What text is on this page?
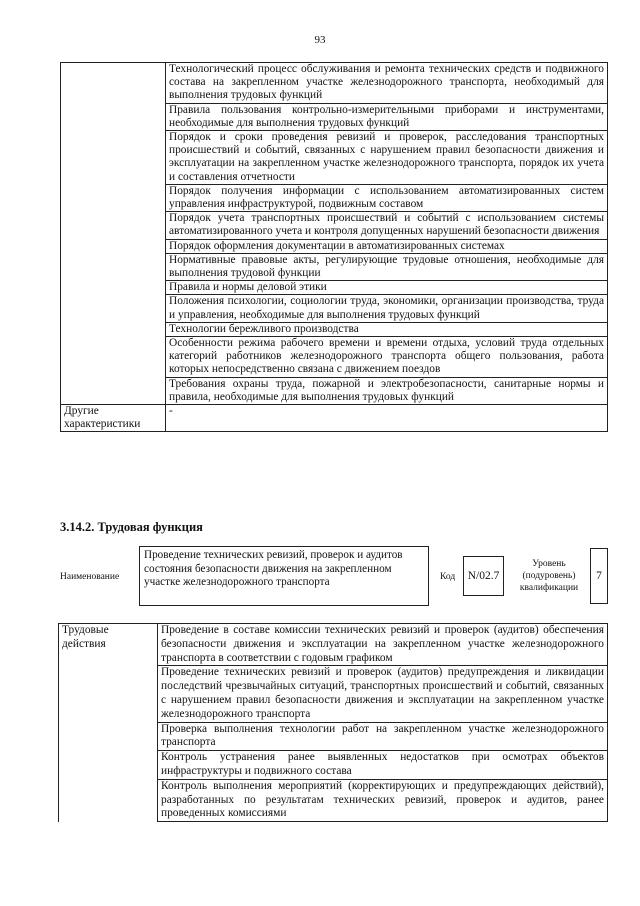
93
	Технологический процесс обслуживания и ремонта технических средств и подвижного состава на закрепленном участке железнодорожного транспорта, необходимый для выполнения трудовых функций
	Правила пользования контрольно-измерительными приборами и инструментами, необходимые для выполнения трудовых функций
	Порядок и сроки проведения ревизий и проверок, расследования транспортных происшествий и событий, связанных с нарушением правил безопасности движения и эксплуатации на закрепленном участке железнодорожного транспорта, порядок их учета и составления отчетности
	Порядок получения информации с использованием автоматизированных систем управления инфраструктурой, подвижным составом
	Порядок учета транспортных происшествий и событий с использованием системы автоматизированного учета и контроля допущенных нарушений безопасности движения
	Порядок оформления документации в автоматизированных системах
	Нормативные правовые акты, регулирующие трудовые отношения, необходимые для выполнения трудовой функции
	Правила и нормы деловой этики
	Положения психологии, социологии труда, экономики, организации производства, труда и управления, необходимые для выполнения трудовых функций
	Технологии бережливого производства
	Особенности режима рабочего времени и времени отдыха, условий труда отдельных категорий работников железнодорожного транспорта общего пользования, работа которых непосредственно связана с движением поездов
	Требования охраны труда, пожарной и электробезопасности, санитарные нормы и правила, необходимые для выполнения трудовых функций
Другие характеристики	-
3.14.2. Трудовая функция
Наименование
Проведение технических ревизий, проверок и аудитов состояния безопасности движения на закрепленном участке железнодорожного транспорта	Код	N/02.7
Уровень (подуровень) квалификации
7
Трудовые действия	Проведение в составе комиссии технических ревизий и проверок (аудитов) обеспечения безопасности движения и эксплуатации на закрепленном участке железнодорожного транспорта в соответствии с годовым графиком
Проведение технических ревизий и проверок (аудитов) предупреждения и ликвидации последствий чрезвычайных ситуаций, транспортных происшествий и событий, связанных с нарушением правил безопасности движения и эксплуатации на закрепленном участке железнодорожного транспорта
Проверка выполнения технологии работ на закрепленном участке железнодорожного транспорта
Контроль устранения ранее выявленных недостатков при осмотрах объектов инфраструктуры и подвижного состава
Контроль выполнения мероприятий (корректирующих и предупреждающих действий), разработанных по результатам технических ревизий, проверок и аудитов, ранее проведенных комиссиями
